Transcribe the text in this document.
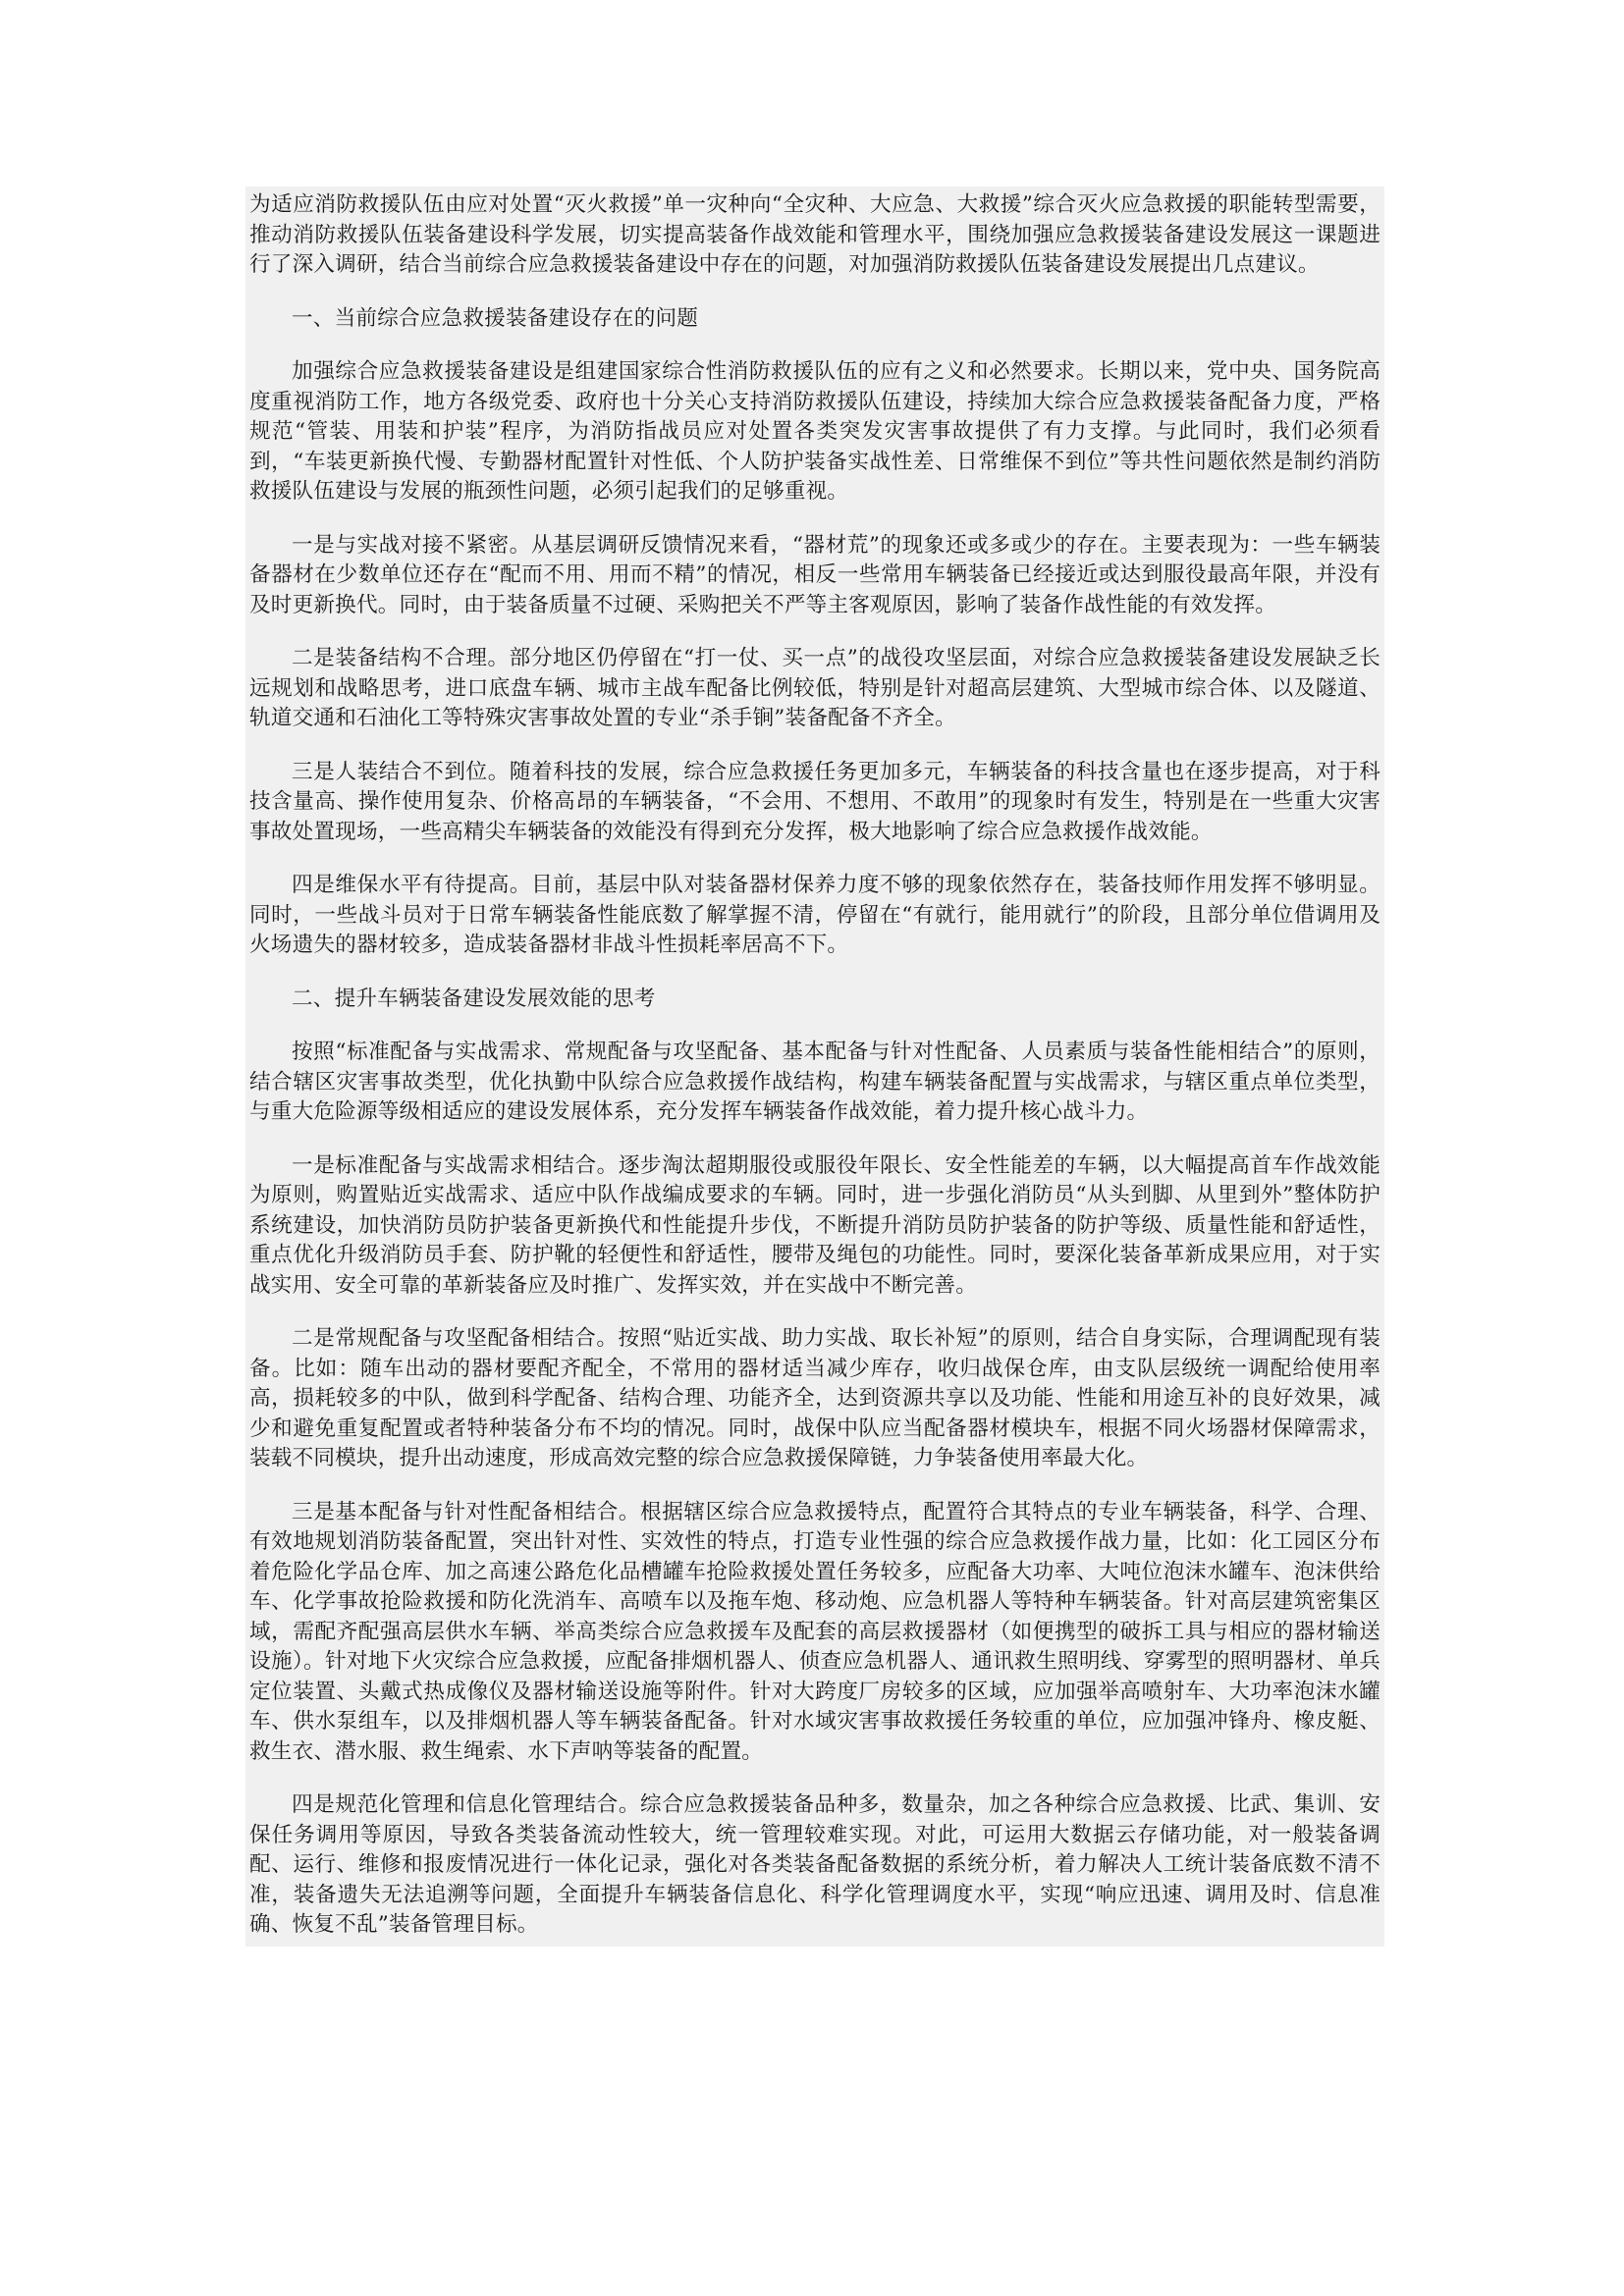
为适应消防救援队伍由应对处置“灭火救援”单一灾种向“全灾种、大应急、大救援”综合灭火应急救援的职能转型需要，推动消防救援队伍装备建设科学发展，切实提高装备作战效能和管理水平，围绕加强应急救援装备建设发展这一课题进行了深入调研，结合当前综合应急救援装备建设中存在的问题，对加强消防救援队伍装备建设发展提出几点建议。

一、当前综合应急救援装备建设存在的问题

加强综合应急救援装备建设是组建国家综合性消防救援队伍的应有之义和必然要求。长期以来，党中央、国务院高度重视消防工作，地方各级党委、政府也十分关心支持消防救援队伍建设，持续加大综合应急救援装备配备力度，严格规范“管装、用装和护装”程序，为消防指战员应对处置各类突发灾害事故提供了有力支撑。与此同时，我们必须看到，“车装更新换代慢、专勤器材配置针对性低、个人防护装备实战性差、日常维保不到位”等共性问题依然是制约消防救援队伍建设与发展的瓶颈性问题，必须引起我们的足够重视。

一是与实战对接不紧密。从基层调研反馈情况来看，“器材荒”的现象还或多或少的存在。主要表现为：一些车辆装备器材在少数单位还存在“配而不用、用而不精”的情况，相反一些常用车辆装备已经接近或达到服役最高年限，并没有及时更新换代。同时，由于装备质量不过硬、采购把关不严等主客观原因，影响了装备作战性能的有效发挥。

二是装备结构不合理。部分地区仍停留在“打一仗、买一点”的战役攻坚层面，对综合应急救援装备建设发展缺乏长远规划和战略思考，进口底盘车辆、城市主战车配备比例较低，特别是针对超高层建筑、大型城市综合体、以及隧道、轨道交通和石油化工等特殊灾害事故处置的专业“杀手锏”装备配备不齐全。

三是人装结合不到位。随着科技的发展，综合应急救援任务更加多元，车辆装备的科技含量也在逐步提高，对于科技含量高、操作使用复杂、价格高昂的车辆装备，“不会用、不想用、不敢用”的现象时有发生，特别是在一些重大灾害事故处置现场，一些高精尖车辆装备的效能没有得到充分发挥，极大地影响了综合应急救援作战效能。

四是维保水平有待提高。目前，基层中队对装备器材保养力度不够的现象依然存在，装备技师作用发挥不够明显。同时，一些战斗员对于日常车辆装备性能底数了解掌握不清，停留在“有就行，能用就行”的阶段，且部分单位借调用及火场遗失的器材较多，造成装备器材非战斗性损耗率居高不下。

二、提升车辆装备建设发展效能的思考

按照“标准配备与实战需求、常规配备与攻坚配备、基本配备与针对性配备、人员素质与装备性能相结合”的原则，结合辖区灾害事故类型，优化执勤中队综合应急救援作战结构，构建车辆装备配置与实战需求，与辖区重点单位类型，与重大危险源等级相适应的建设发展体系，充分发挥车辆装备作战效能，着力提升核心战斗力。

一是标准配备与实战需求相结合。逐步淘汰超期服役或服役年限长、安全性能差的车辆，以大幅提高首车作战效能为原则，购置贴近实战需求、适应中队作战编成要求的车辆。同时，进一步强化消防员“从头到脚、从里到外”整体防护系统建设，加快消防员防护装备更新换代和性能提升步伐，不断提升消防员防护装备的防护等级、质量性能和舒适性，重点优化升级消防员手套、防护靴的轻便性和舒适性，腰带及绳包的功能性。同时，要深化装备革新成果应用，对于实战实用、安全可靠的革新装备应及时推广、发挥实效，并在实战中不断完善。

二是常规配备与攻坚配备相结合。按照“贴近实战、助力实战、取长补短”的原则，结合自身实际，合理调配现有装备。比如：随车出动的器材要配齐配全，不常用的器材适当减少库存，收归战保仓库，由支队层级统一调配给使用率高，损耗较多的中队，做到科学配备、结构合理、功能齐全，达到资源共享以及功能、性能和用途互补的良好效果，减少和避免重复配置或者特种装备分布不均的情况。同时，战保中队应当配备器材模块车，根据不同火场器材保障需求，装载不同模块，提升出动速度，形成高效完整的综合应急救援保障链，力争装备使用率最大化。

三是基本配备与针对性配备相结合。根据辖区综合应急救援特点，配置符合其特点的专业车辆装备，科学、合理、有效地规划消防装备配置，突出针对性、实效性的特点，打造专业性强的综合应急救援作战力量，比如：化工园区分布着危险化学品仓库、加之高速公路危化品槽罐车抢险救援处置任务较多，应配备大功率、大吨位泡沫水罐车、泡沫供给车、化学事故抢险救援和防化洗消车、高喷车以及拖车炮、移动炮、应急机器人等特种车辆装备。针对高层建筑密集区域，需配齐配强高层供水车辆、举高类综合应急救援车及配套的高层救援器材（如便携型的破拆工具与相应的器材输送设施）。针对地下火灾综合应急救援，应配备排烟机器人、侦查应急机器人、通讯救生照明线、穿雾型的照明器材、单兵定位装置、头戴式热成像仪及器材输送设施等附件。针对大跨度厂房较多的区域，应加强举高喷射车、大功率泡沫水罐车、供水泵组车，以及排烟机器人等车辆装备配备。针对水域灾害事故救援任务较重的单位，应加强冲锋舟、橡皮艇、救生衣、潜水服、救生绳索、水下声呐等装备的配置。

四是规范化管理和信息化管理结合。综合应急救援装备品种多，数量杂，加之各种综合应急救援、比武、集训、安保任务调用等原因，导致各类装备流动性较大，统一管理较难实现。对此，可运用大数据云存储功能，对一般装备调配、运行、维修和报废情况进行一体化记录，强化对各类装备配备数据的系统分析，着力解决人工统计装备底数不清不准，装备遗失无法追溯等问题，全面提升车辆装备信息化、科学化管理调度水平，实现“响应迅速、调用及时、信息准确、恢复不乱”装备管理目标。
